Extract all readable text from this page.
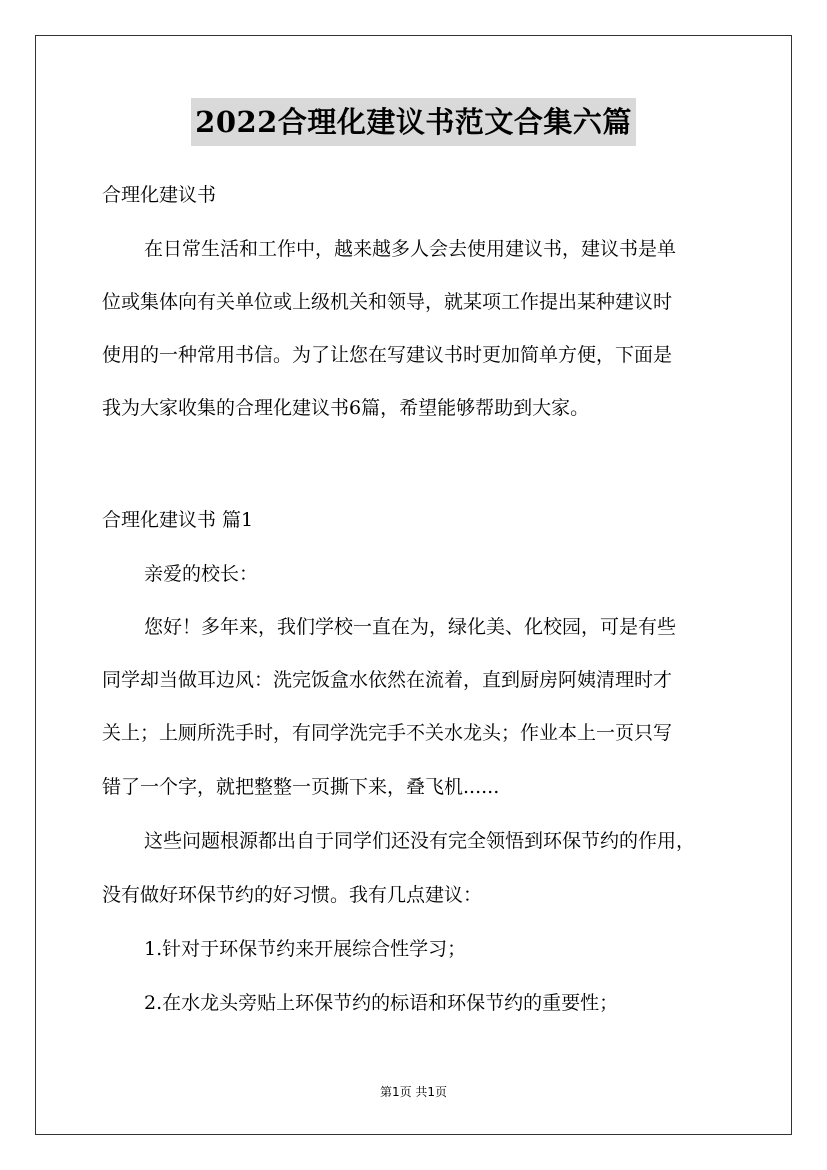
2022合理化建议书范文合集六篇
合理化建议书
在日常生活和工作中，越来越多人会去使用建议书，建议书是单
位或集体向有关单位或上级机关和领导，就某项工作提出某种建议时
使用的一种常用书信。为了让您在写建议书时更加简单方便，下面是
我为大家收集的合理化建议书6篇，希望能够帮助到大家。
合理化建议书 篇1
亲爱的校长：
您好！多年来，我们学校一直在为，绿化美、化校园，可是有些
同学却当做耳边风：洗完饭盒水依然在流着，直到厨房阿姨清理时才
关上；上厕所洗手时，有同学洗完手不关水龙头；作业本上一页只写
错了一个字，就把整整一页撕下来，叠飞机......
这些问题根源都出自于同学们还没有完全领悟到环保节约的作用，
没有做好环保节约的好习惯。我有几点建议：
1.针对于环保节约来开展综合性学习；
2.在水龙头旁贴上环保节约的标语和环保节约的重要性；
第1页 共1页
